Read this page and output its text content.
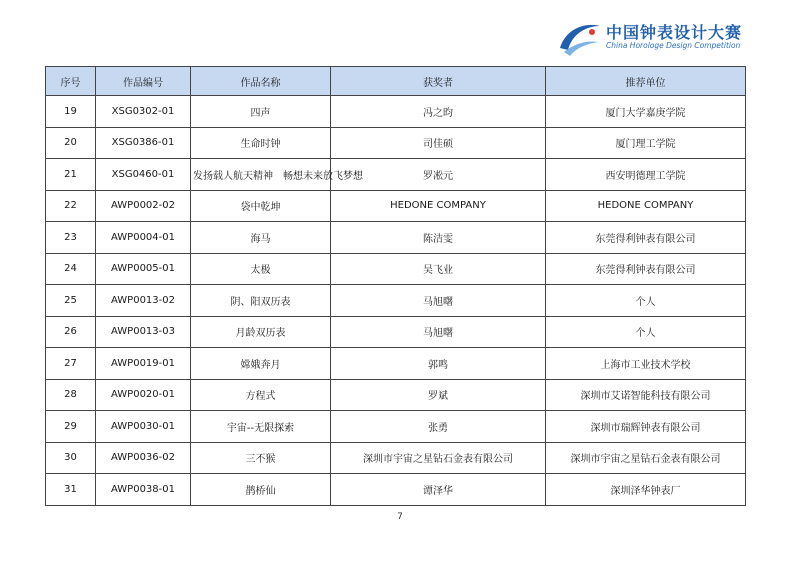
中国钟表设计大赛
China Horologe Design Competition
序号	作品编号	作品名称	获奖者	推荐单位
19	XSG0302-01	四声	冯之昀	厦门大学嘉庚学院
20	XSG0386-01	生命时钟	司佳硕	厦门理工学院
21	XSG0460-01	发扬载人航天精神　畅想未来放飞梦想	罗凇元	西安明德理工学院
22	AWP0002-02	袋中乾坤	HEDONE COMPANY	HEDONE COMPANY
23	AWP0004-01	海马	陈洁雯	东莞得利钟表有限公司
24	AWP0005-01	太极	吴飞业	东莞得利钟表有限公司
25	AWP0013-02	阴、阳双历表	马旭曙	个人
26	AWP0013-03	月龄双历表	马旭曙	个人
27	AWP0019-01	嫦娥奔月	郭鸣	上海市工业技术学校
28	AWP0020-01	方程式	罗斌	深圳市艾诺智能科技有限公司
29	AWP0030-01	宇宙--无限探索	张勇	深圳市瑞辉钟表有限公司
30	AWP0036-02	三不猴	深圳市宇宙之星钻石金表有限公司	深圳市宇宙之星钻石金表有限公司
31	AWP0038-01	鹊桥仙	谭泽华	深圳泽华钟表厂
7
